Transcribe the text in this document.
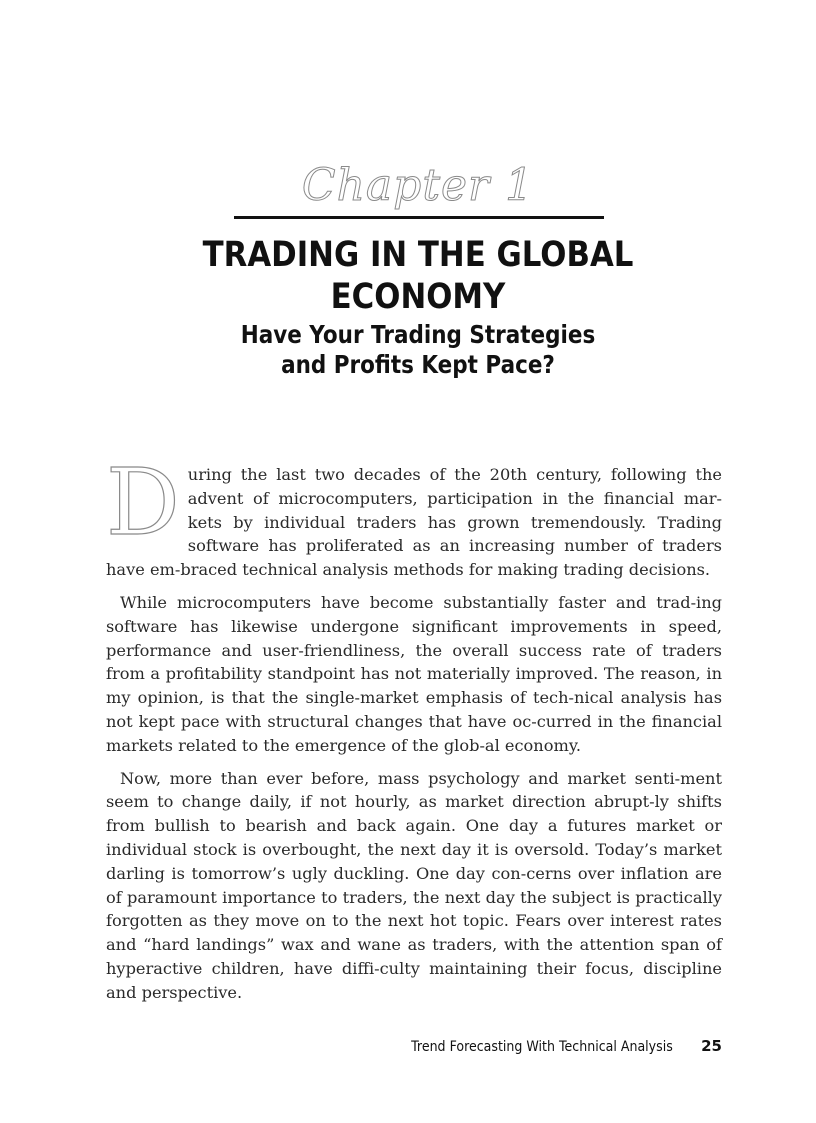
Chapter 1
TRADING IN THE GLOBAL
ECONOMY
Have Your Trading Strategies
and Profits Kept Pace?

During the last two decades of the 20th century, following the advent of microcomputers, participation in the financial mar-kets by individual traders has grown tremendously. Trading software has proliferated as an increasing number of traders have em-braced technical analysis methods for making trading decisions.

While microcomputers have become substantially faster and trad-ing software has likewise undergone significant improvements in speed, performance and user-friendliness, the overall success rate of traders from a profitability standpoint has not materially improved. The reason, in my opinion, is that the single-market emphasis of tech-nical analysis has not kept pace with structural changes that have oc-curred in the financial markets related to the emergence of the glob-al economy.

Now, more than ever before, mass psychology and market senti-ment seem to change daily, if not hourly, as market direction abrupt-ly shifts from bullish to bearish and back again. One day a futures market or individual stock is overbought, the next day it is oversold. Today’s market darling is tomorrow’s ugly duckling. One day con-cerns over inflation are of paramount importance to traders, the next day the subject is practically forgotten as they move on to the next hot topic. Fears over interest rates and “hard landings” wax and wane as traders, with the attention span of hyperactive children, have diffi-culty maintaining their focus, discipline and perspective.

Trend Forecasting With Technical Analysis 25
